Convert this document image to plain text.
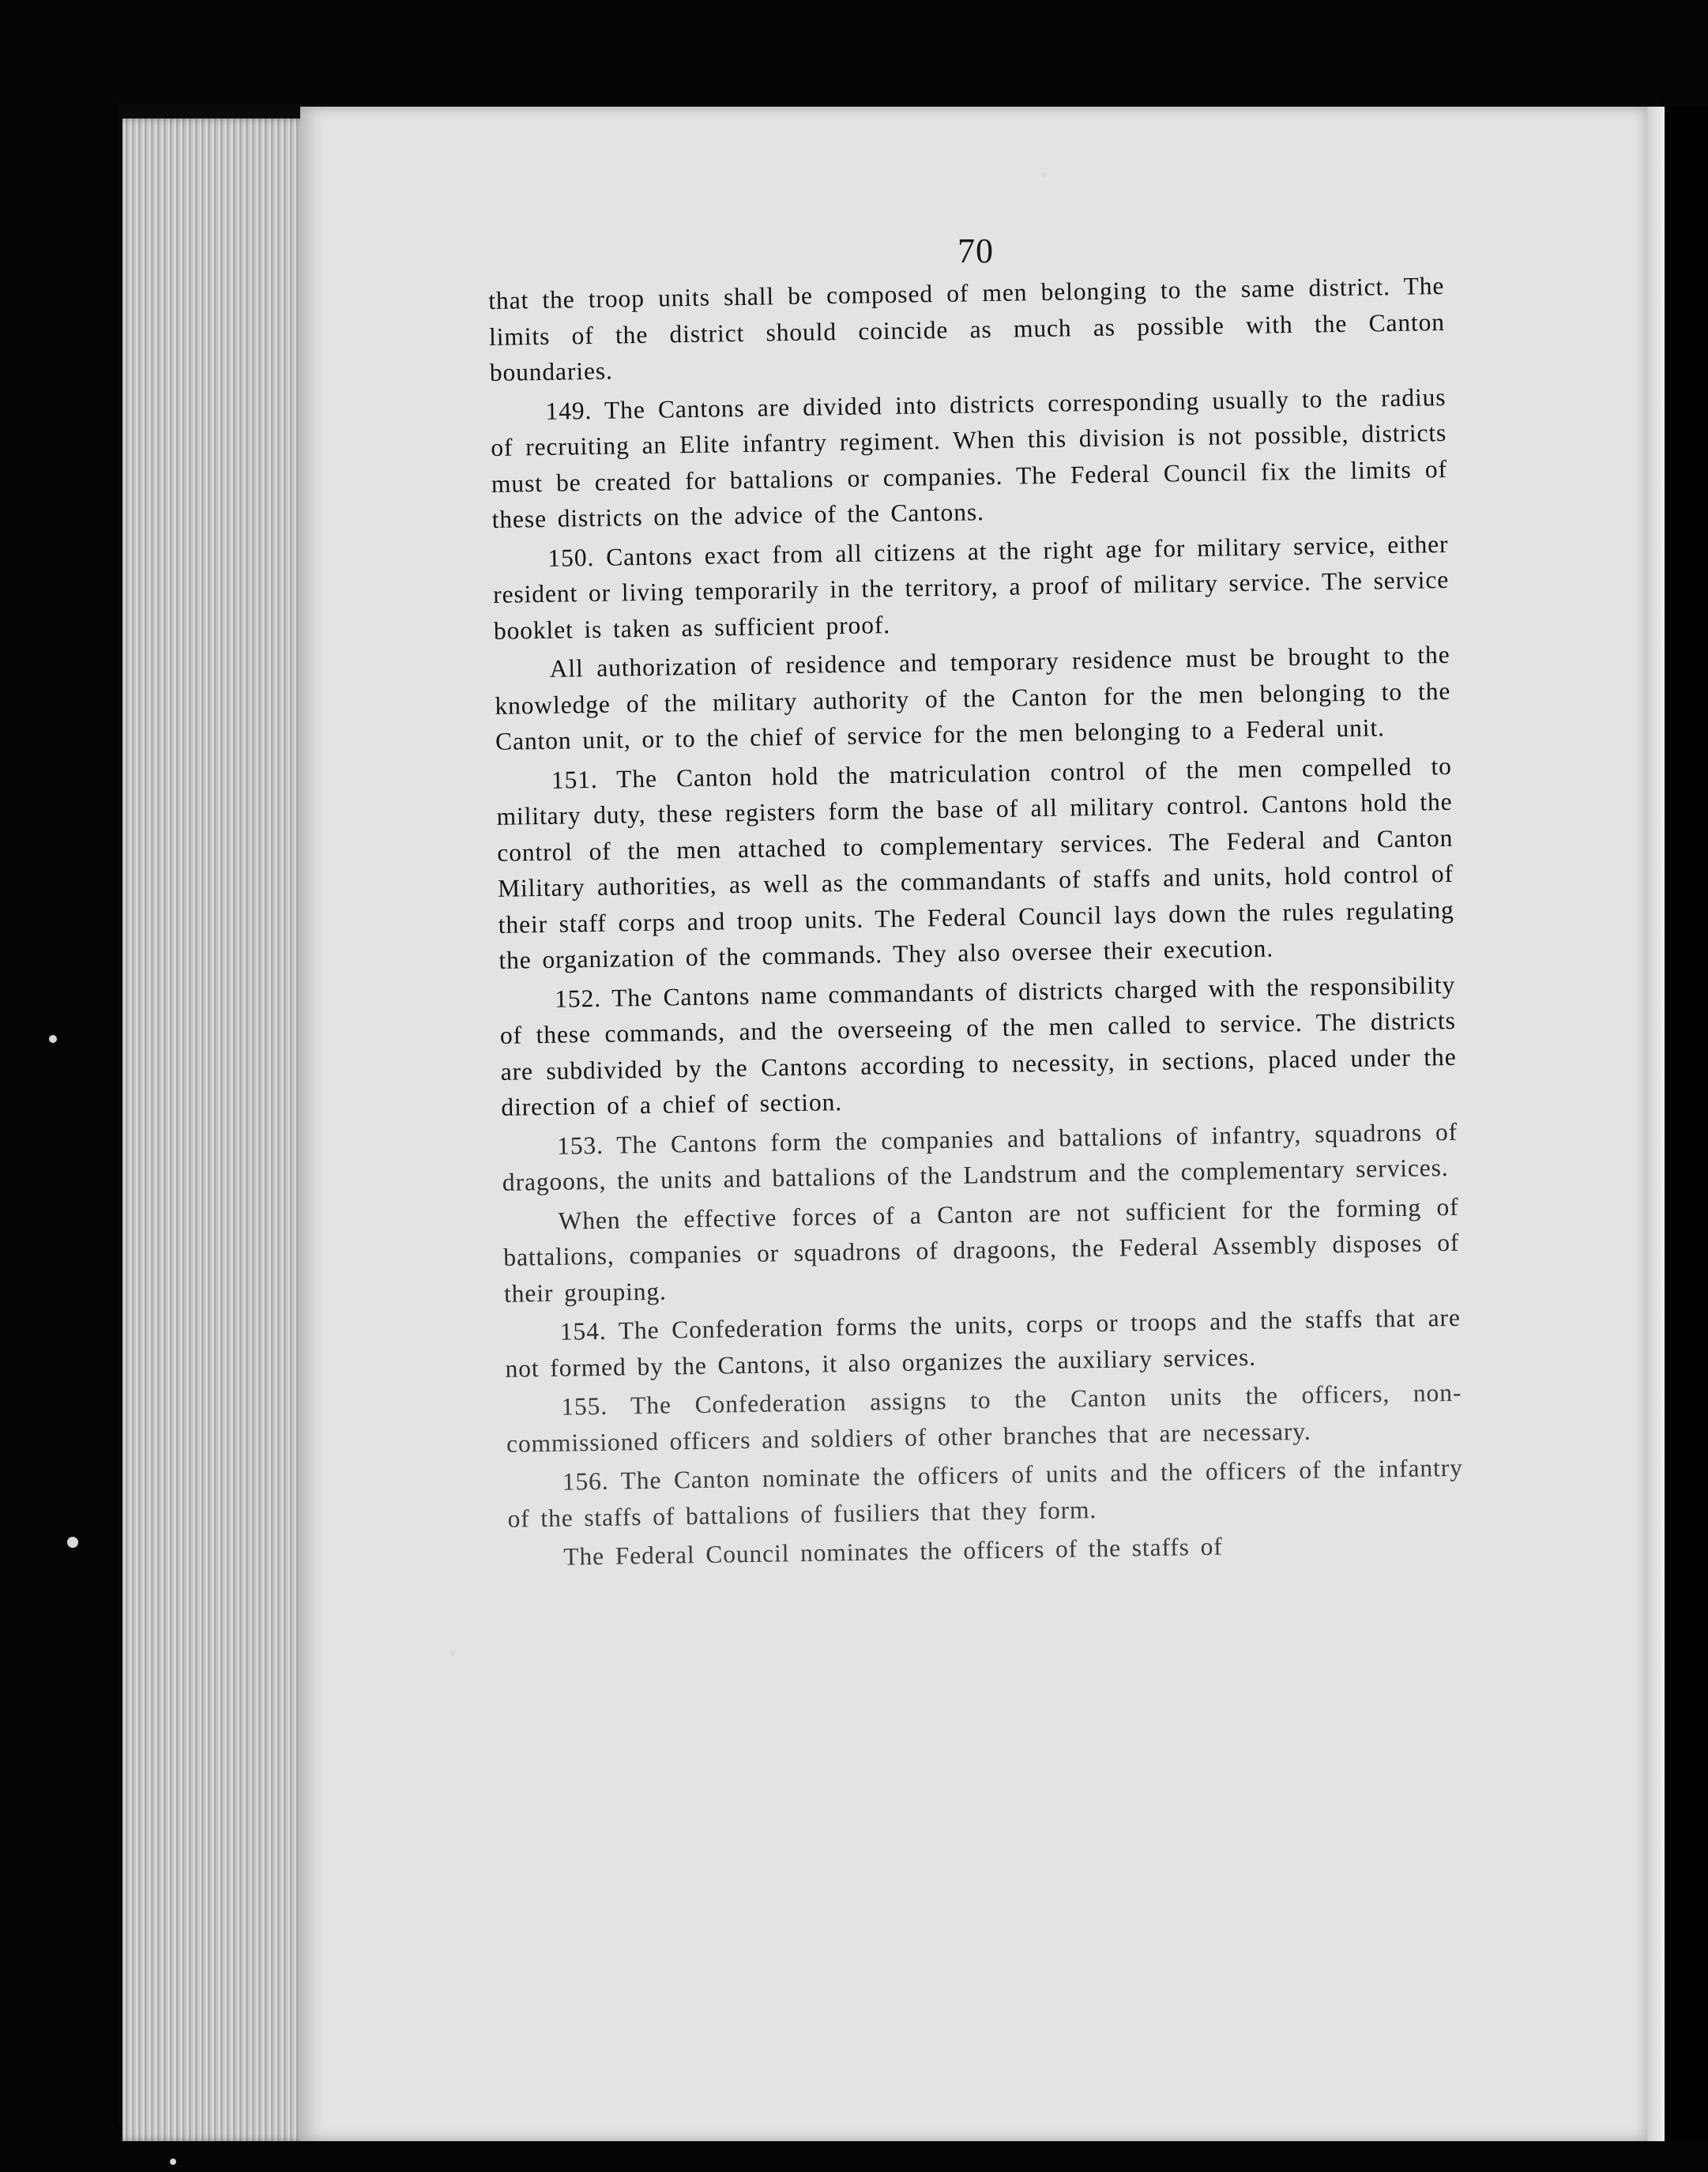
70

that the troop units shall be composed of men belonging to the same district. The limits of the district should coincide as much as possible with the Canton boundaries.

149. The Cantons are divided into districts corresponding usually to the radius of recruiting an Elite infantry regiment. When this division is not possible, districts must be created for battalions or companies. The Federal Council fix the limits of these districts on the advice of the Cantons.

150. Cantons exact from all citizens at the right age for military service, either resident or living temporarily in the territory, a proof of military service. The service booklet is taken as sufficient proof.

All authorization of residence and temporary residence must be brought to the knowledge of the military authority of the Canton for the men belonging to the Canton unit, or to the chief of service for the men belonging to a Federal unit.

151. The Canton hold the matriculation control of the men compelled to military duty, these registers form the base of all military control. Cantons hold the control of the men attached to complementary services. The Federal and Canton Military authorities, as well as the commandants of staffs and units, hold control of their staff corps and troop units. The Federal Council lays down the rules regulating the organization of the commands. They also oversee their execution.

152. The Cantons name commandants of districts charged with the responsibility of these commands, and the overseeing of the men called to service. The districts are subdivided by the Cantons according to necessity, in sections, placed under the direction of a chief of section.

153. The Cantons form the companies and battalions of infantry, squadrons of dragoons, the units and battalions of the Landstrum and the complementary services.

When the effective forces of a Canton are not sufficient for the forming of battalions, companies or squadrons of dragoons, the Federal Assembly disposes of their grouping.

154. The Confederation forms the units, corps or troops and the staffs that are not formed by the Cantons, it also organizes the auxiliary services.

155. The Confederation assigns to the Canton units the officers, non-commissioned officers and soldiers of other branches that are necessary.

156. The Canton nominate the officers of units and the officers of the infantry of the staffs of battalions of fusiliers that they form.

The Federal Council nominates the officers of the staffs of
